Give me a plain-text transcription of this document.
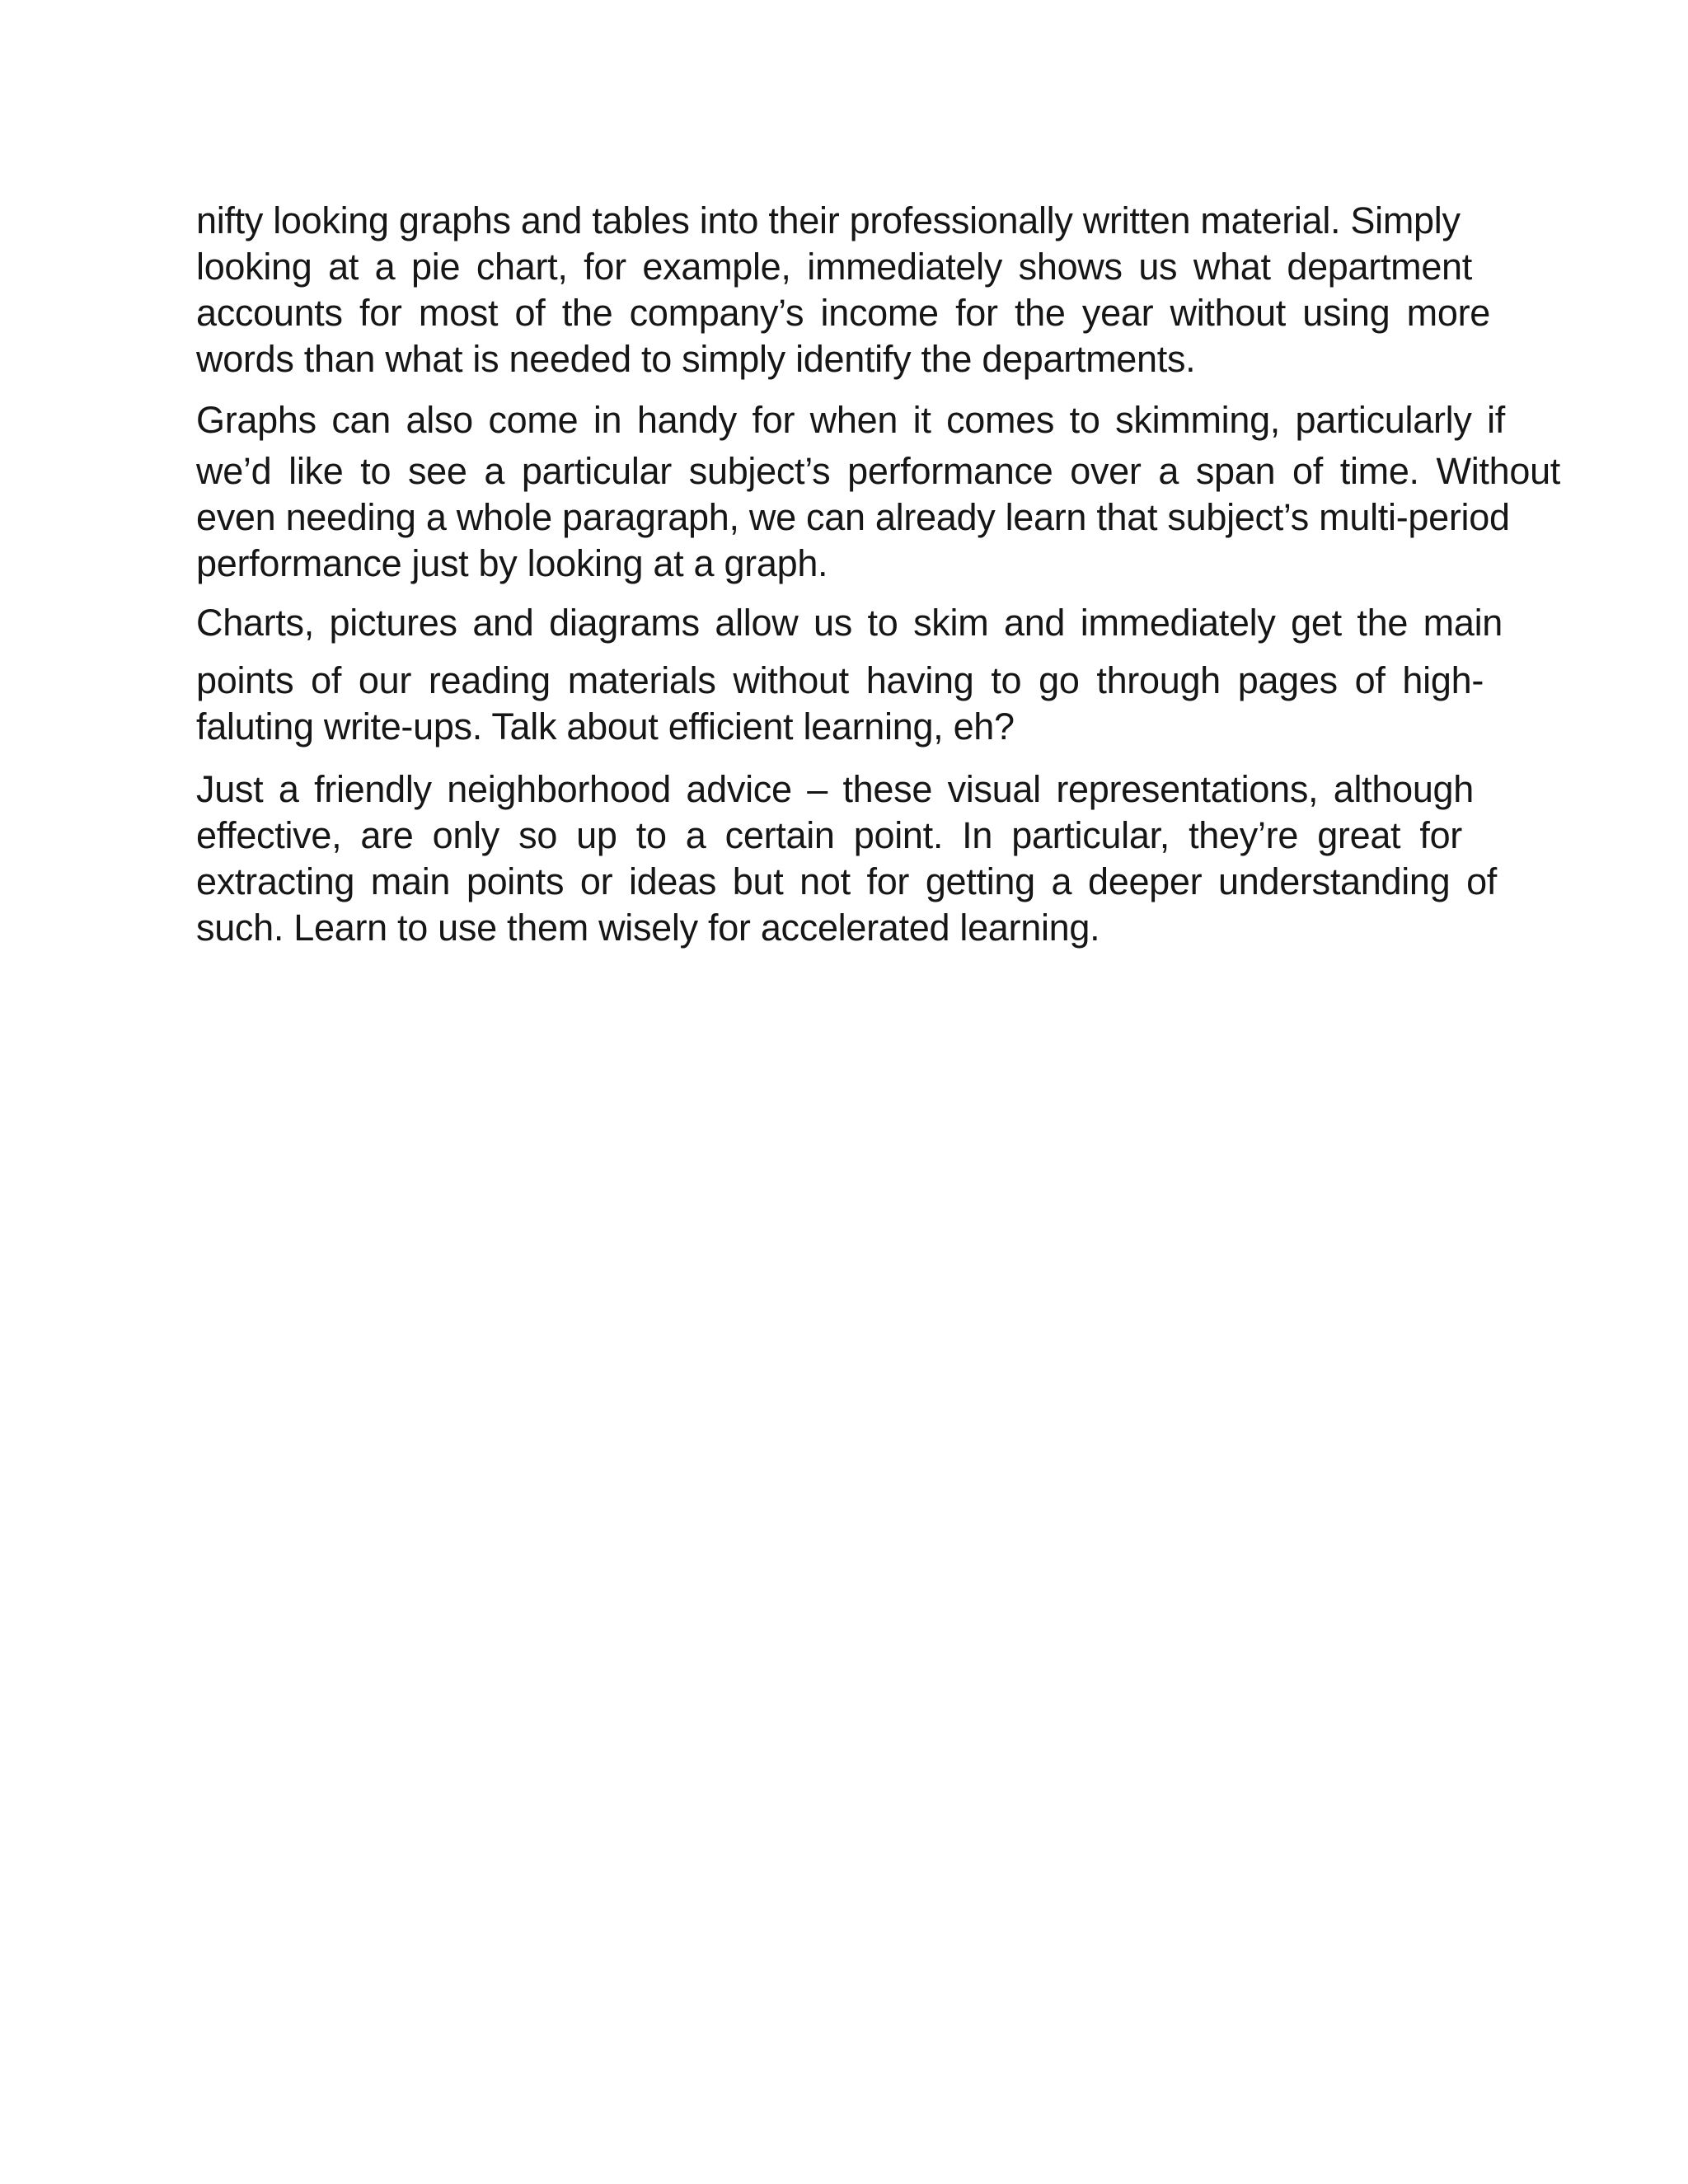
nifty looking graphs and tables into their professionally written material. Simply
looking at a pie chart, for example, immediately shows us what department
accounts for most of the company’s income for the year without using more
words than what is needed to simply identify the departments.

Graphs can also come in handy for when it comes to skimming, particularly if
we’d like to see a particular subject’s performance over a span of time. Without
even needing a whole paragraph, we can already learn that subject’s multi-period
performance just by looking at a graph.

Charts, pictures and diagrams allow us to skim and immediately get the main
points of our reading materials without having to go through pages of high-
faluting write-ups. Talk about efficient learning, eh?

Just a friendly neighborhood advice – these visual representations, although
effective, are only so up to a certain point. In particular, they’re great for
extracting main points or ideas but not for getting a deeper understanding of
such. Learn to use them wisely for accelerated learning.
